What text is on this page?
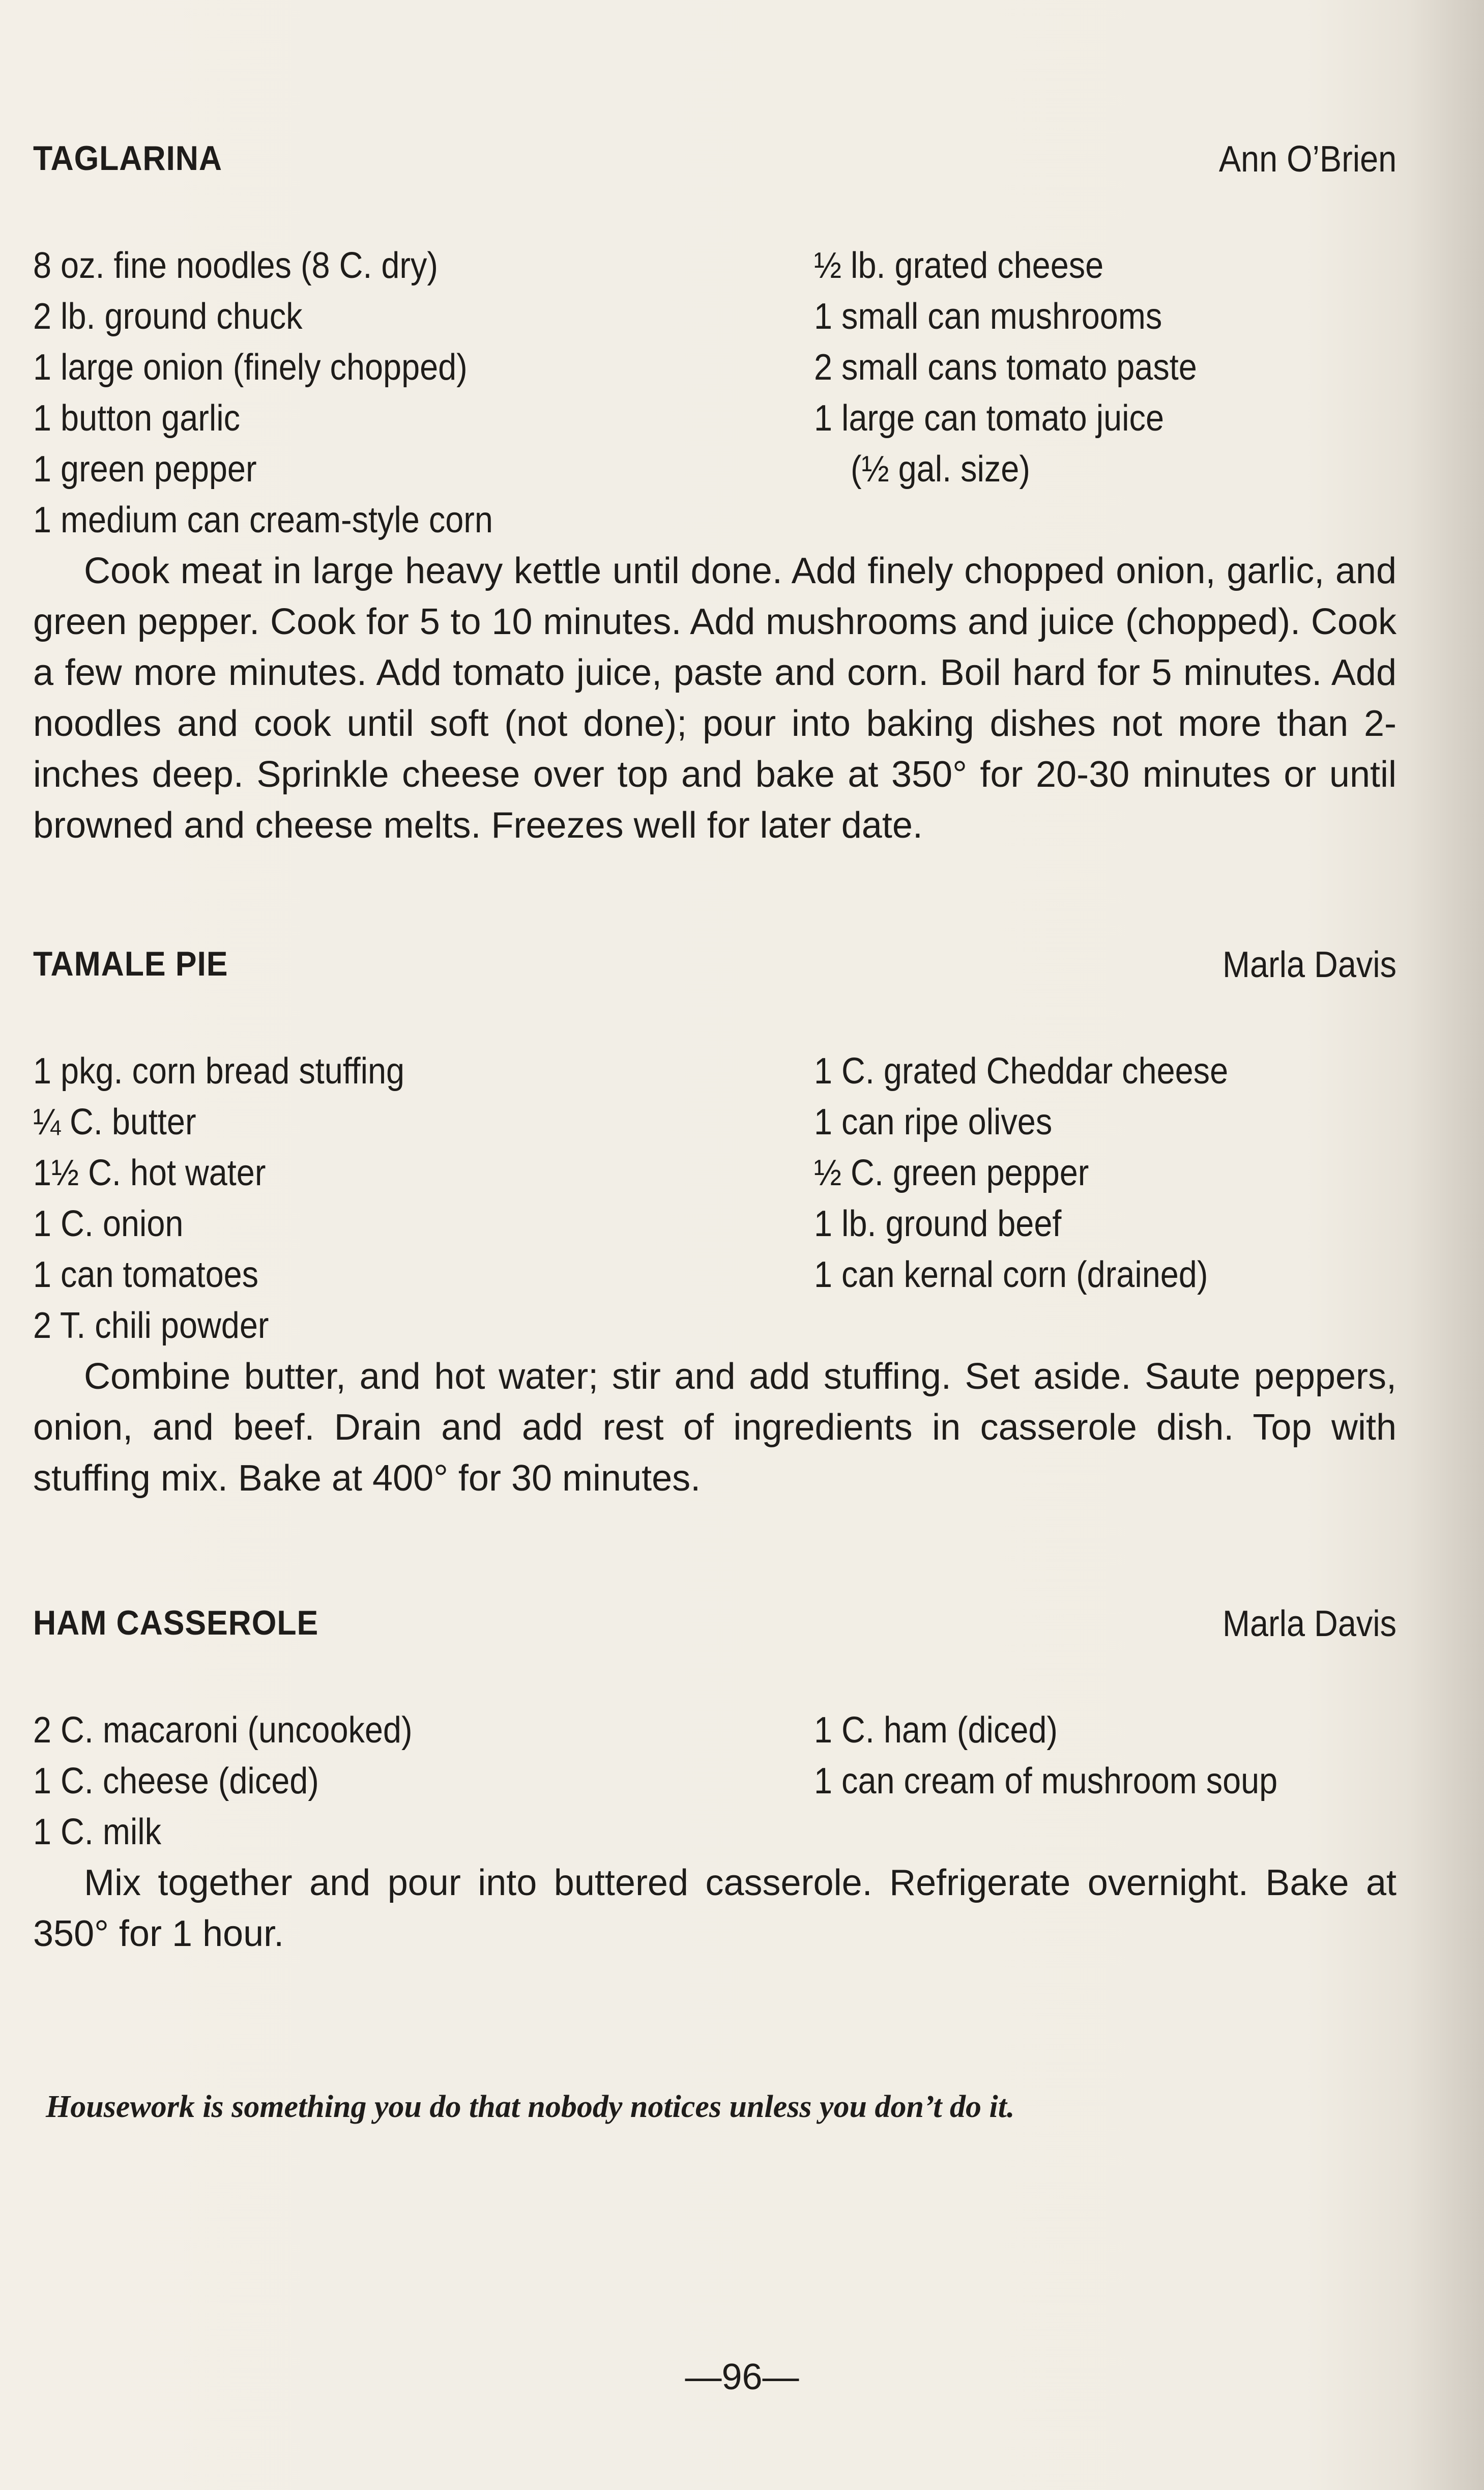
TAGLARINA	Ann O’Brien
8 oz. fine noodles (8 C. dry)
2 lb. ground chuck
1 large onion (finely chopped)
1 button garlic
1 green pepper
1 medium can cream-style corn
½ lb. grated cheese
1 small can mushrooms
2 small cans tomato paste
1 large can tomato juice
(½ gal. size)
Cook meat in large heavy kettle until done. Add finely chopped onion, garlic, and green pepper. Cook for 5 to 10 minutes. Add mushrooms and juice (chopped). Cook a few more minutes. Add tomato juice, paste and corn. Boil hard for 5 minutes. Add noodles and cook until soft (not done); pour into baking dishes not more than 2-inches deep. Sprinkle cheese over top and bake at 350° for 20-30 minutes or until browned and cheese melts. Freezes well for later date.
TAMALE PIE	Marla Davis
1 pkg. corn bread stuffing
¼ C. butter
1½ C. hot water
1 C. onion
1 can tomatoes
2 T. chili powder
1 C. grated Cheddar cheese
1 can ripe olives
½ C. green pepper
1 lb. ground beef
1 can kernal corn (drained)
Combine butter, and hot water; stir and add stuffing. Set aside. Saute peppers, onion, and beef. Drain and add rest of ingredients in casserole dish. Top with stuffing mix. Bake at 400° for 30 minutes.
HAM CASSEROLE	Marla Davis
2 C. macaroni (uncooked)
1 C. cheese (diced)
1 C. milk
1 C. ham (diced)
1 can cream of mushroom soup
Mix together and pour into buttered casserole. Refrigerate overnight. Bake at 350° for 1 hour.
Housework is something you do that nobody notices unless you don’t do it.
—96—
